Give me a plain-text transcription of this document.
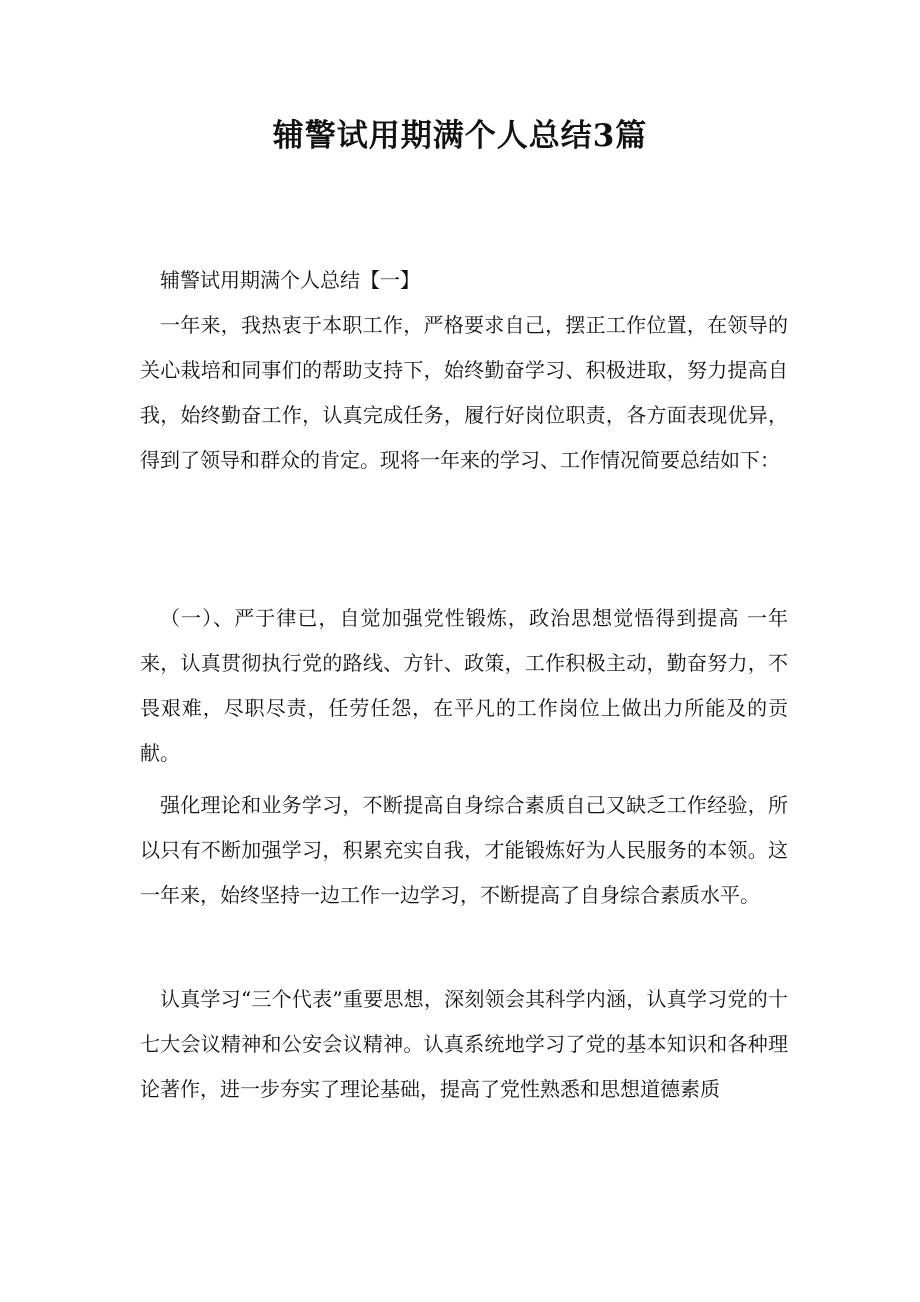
辅警试用期满个人总结3篇

辅警试用期满个人总结【一】

一年来，我热衷于本职工作，严格要求自己，摆正工作位置，在领导的关心栽培和同事们的帮助支持下，始终勤奋学习、积极进取，努力提高自我，始终勤奋工作，认真完成任务，履行好岗位职责，各方面表现优异，得到了领导和群众的肯定。现将一年来的学习、工作情况简要总结如下：

（一）、严于律已，自觉加强党性锻炼，政治思想觉悟得到提高 一年来，认真贯彻执行党的路线、方针、政策，工作积极主动，勤奋努力，不畏艰难，尽职尽责，任劳任怨，在平凡的工作岗位上做出力所能及的贡献。

强化理论和业务学习，不断提高自身综合素质自己又缺乏工作经验，所以只有不断加强学习，积累充实自我，才能锻炼好为人民服务的本领。这一年来，始终坚持一边工作一边学习，不断提高了自身综合素质水平。

认真学习“三个代表”重要思想，深刻领会其科学内涵，认真学习党的十七大会议精神和公安会议精神。认真系统地学习了党的基本知识和各种理论著作，进一步夯实了理论基础，提高了党性熟悉和思想道德素质
